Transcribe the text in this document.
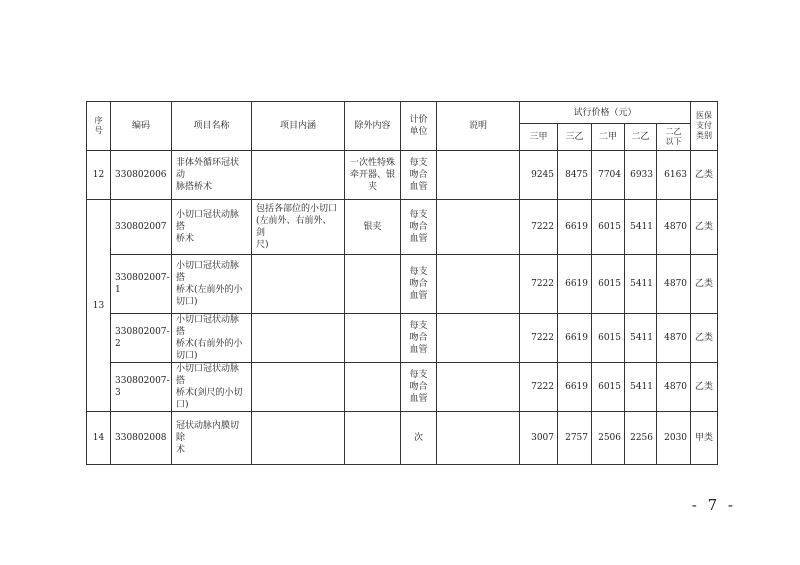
序
号	编码	项目名称	项目内涵	除外内容	计价
单位	说明	试行价格（元）					医保
支付
类别
							三甲	三乙	二甲	二乙	二乙
以下	
12	330802006	非体外循环冠状动
脉搭桥术		一次性特殊
牵开器、银
夹	每支
吻合
血管		9245	8475	7704	6933	6163	乙类
13	330802007	小切口冠状动脉搭
桥术	包括各部位的小切口
(左前外、右前外、剑
尺)	银夹	每支
吻合
血管		7222	6619	6015	5411	4870	乙类
	330802007-1	小切口冠状动脉搭
桥术(左前外的小
切口)			每支
吻合
血管		7222	6619	6015	5411	4870	乙类
	330802007-2	小切口冠状动脉搭
桥术(右前外的小
切口)			每支
吻合
血管		7222	6619	6015	5411	4870	乙类
	330802007-3	小切口冠状动脉搭
桥术(剑尺的小切
口)			每支
吻合
血管		7222	6619	6015	5411	4870	乙类
14	330802008	冠状动脉内膜切除
术			次		3007	2757	2506	2256	2030	甲类
- 7 -
